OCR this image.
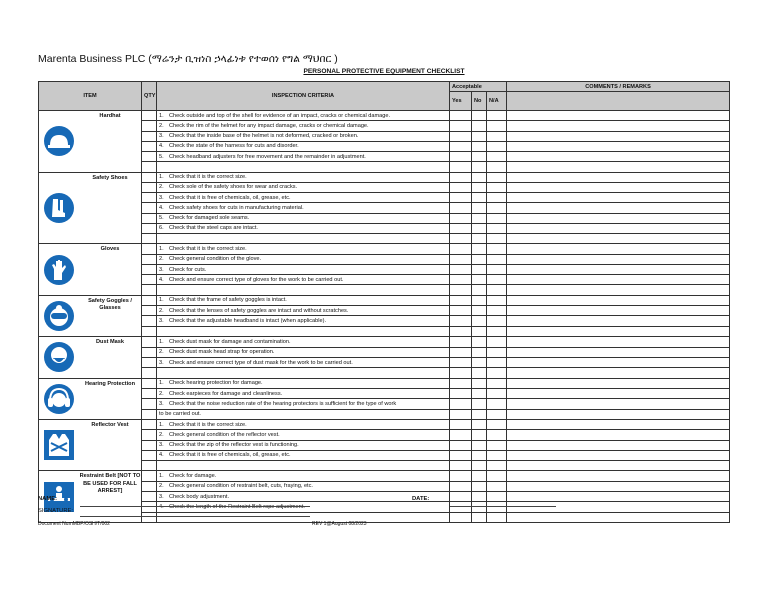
Marenta Business PLC (ማሬንታ ቢዝነስ ኃላፊነቱ የተወሰነ የግል ማህበር )
PERSONAL PROTECTIVE EQUIPMENT CHECKLIST
ITEM	QTY	INSPECTION CRITERIA	Acceptable			COMMENTS / REMARKS
			Yes	No	N/A	

Hardhat		1. Check outside and top of the shell for evidence of an impact, cracks or chemical damage.				
		2. Check the rim of the helmet for any impact damage, cracks or chemical damage.				
		3. Check that the inside base of the helmet is not deformed, cracked or broken.				
		4. Check the state of the harness for cuts and disorder.				
		5. Check headband adjusters for free movement and the remainder in adjustment.				

Safety Shoes		1. Check that it is the correct size.				
		2. Check sole of the safety shoes for wear and cracks.				
		3. Check that it is free of chemicals, oil, grease, etc.				
		4. Check safety shoes for cuts in manufacturing material.				
		5. Check for damaged sole seams.				
		6. Check that the steel caps are intact.				

Gloves		1. Check that it is the correct size.				
		2. Check general condition of the glove.				
		3. Check for cuts.				
		4. Check and ensure correct type of gloves for the work to be carried out.				

Safety Goggles / Glasses		1. Check that the frame of safety goggles is intact.				
		2. Check that the lenses of safety goggles are intact and without scratches.				
		3. Check that the adjustable headband is intact (when applicable).				

Dust Mask		1. Check dust mask for damage and contamination.				
		2. Check dust mask head strap for operation.				
		3. Check and ensure correct type of dust mask for the work to be carried out.				

Hearing Protection		1. Check hearing protection for damage.				
		2. Check earpieces for damage and cleanliness.				
		3. Check that the noise reduction rate of the hearing protectors is sufficient for the type of work				
		to be carried out.				

Reflector Vest		1. Check that it is the correct size.				
		2. Check general condition of the reflector vest.				
		3. Check that the zip of the reflector vest is functioning.				
		4. Check that it is free of chemicals, oil, grease, etc.				

Restraint Belt [NOT TO BE USED FOR FALL ARREST]		1. Check for damage.				
		2. Check general condition of restraint belt, cuts, fraying, etc.				
		3. Check body adjustment.				
		4. Check the length of the Restraint Belt rope adjustment.				

NAME:	DATE:
SIGNATURE:
Document NumMBP/OSH/T/002	REV 1@August 08/2023
